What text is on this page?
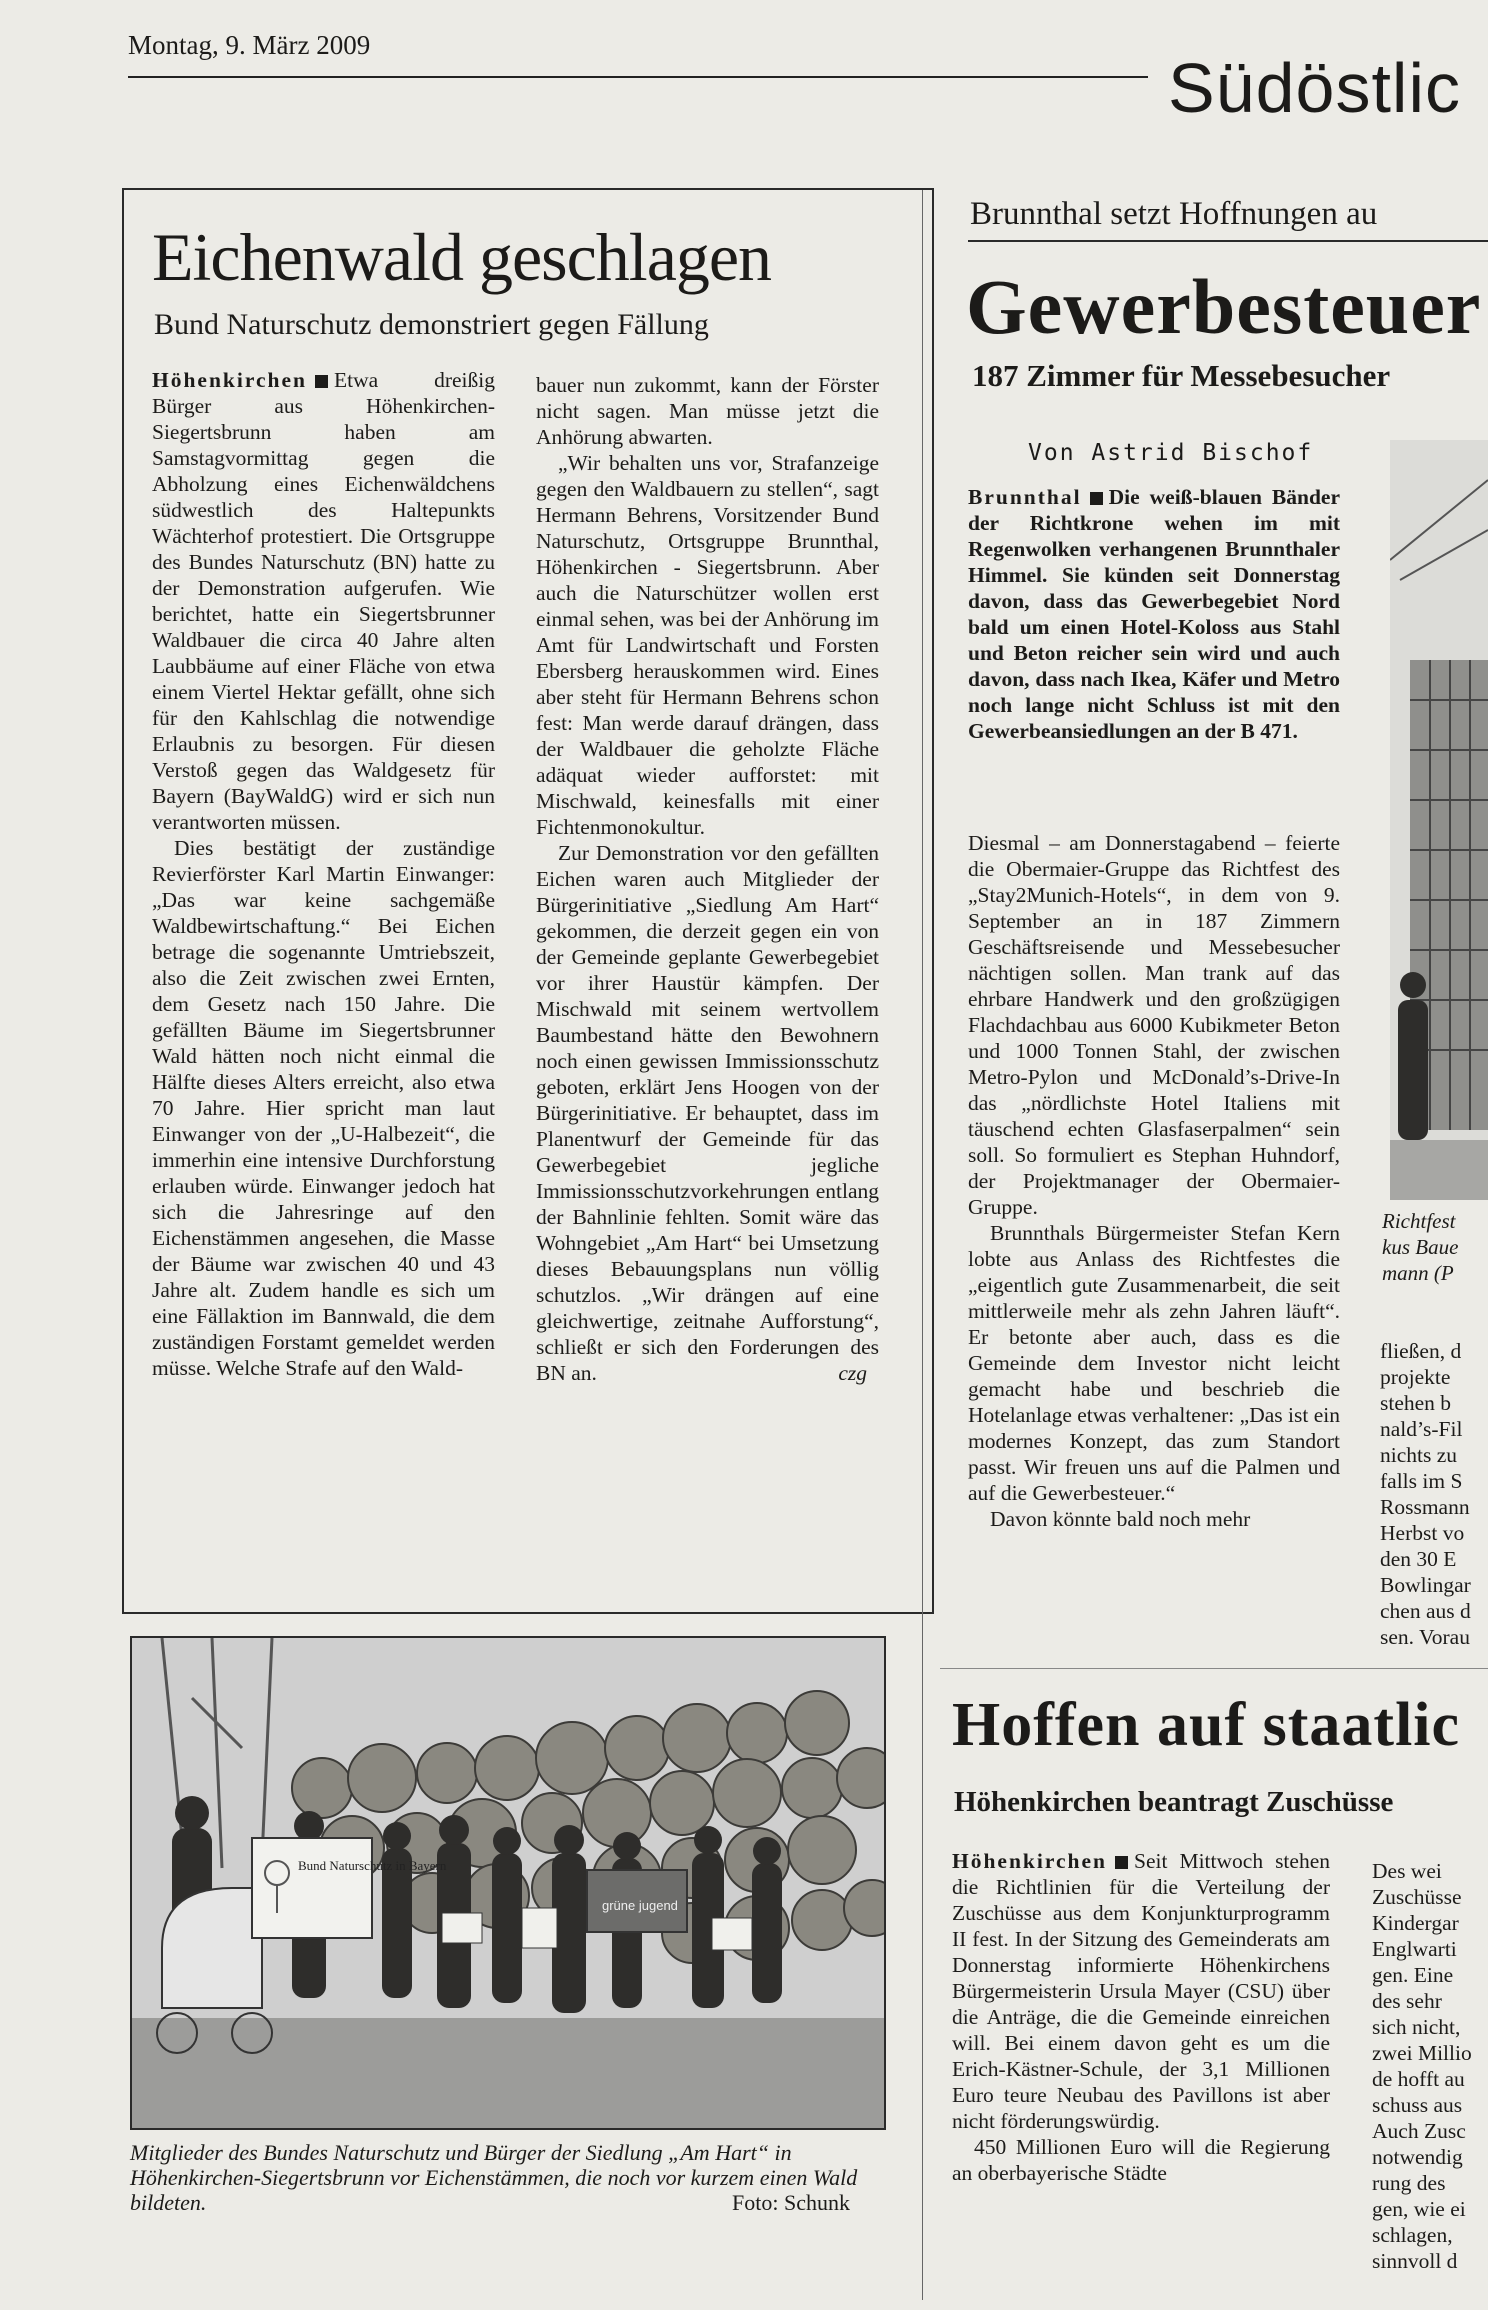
Montag, 9. März 2009
Südöstlic
Eichenwald geschlagen
Bund Naturschutz demonstriert gegen Fällung

Höhenkirchen Etwa dreißig Bürger aus Höhenkirchen-Siegertsbrunn haben am Samstagvormittag gegen die Abholzung eines Eichenwäldchens südwestlich des Haltepunkts Wächterhof protestiert. Die Ortsgruppe des Bundes Naturschutz (BN) hatte zu der Demonstration aufgerufen. Wie berichtet, hatte ein Siegertsbrunner Waldbauer die circa 40 Jahre alten Laubbäume auf einer Fläche von etwa einem Viertel Hektar gefällt, ohne sich für den Kahlschlag die notwendige Erlaubnis zu besorgen. Für diesen Verstoß gegen das Waldgesetz für Bayern (BayWaldG) wird er sich nun verantworten müssen.

Dies bestätigt der zuständige Revierförster Karl Martin Einwanger: „Das war keine sachgemäße Waldbewirtschaftung.“ Bei Eichen betrage die sogenannte Umtriebszeit, also die Zeit zwischen zwei Ernten, dem Gesetz nach 150 Jahre. Die gefällten Bäume im Siegertsbrunner Wald hätten noch nicht einmal die Hälfte dieses Alters erreicht, also etwa 70 Jahre. Hier spricht man laut Einwanger von der „U-Halbezeit“, die immerhin eine intensive Durchforstung erlauben würde. Einwanger jedoch hat sich die Jahresringe auf den Eichenstämmen angesehen, die Masse der Bäume war zwischen 40 und 43 Jahre alt. Zudem handle es sich um eine Fällaktion im Bannwald, die dem zuständigen Forstamt gemeldet werden müsse. Welche Strafe auf den Wald-

bauer nun zukommt, kann der Förster nicht sagen. Man müsse jetzt die Anhörung abwarten.

„Wir behalten uns vor, Strafanzeige gegen den Waldbauern zu stellen“, sagt Hermann Behrens, Vorsitzender Bund Naturschutz, Ortsgruppe Brunnthal, Höhenkirchen - Siegertsbrunn. Aber auch die Naturschützer wollen erst einmal sehen, was bei der Anhörung im Amt für Landwirtschaft und Forsten Ebersberg herauskommen wird. Eines aber steht für Hermann Behrens schon fest: Man werde darauf drängen, dass der Waldbauer die geholzte Fläche adäquat wieder aufforstet: mit Mischwald, keinesfalls mit einer Fichtenmonokultur.

Zur Demonstration vor den gefällten Eichen waren auch Mitglieder der Bürgerinitiative „Siedlung Am Hart“ gekommen, die derzeit gegen ein von der Gemeinde geplante Gewerbegebiet vor ihrer Haustür kämpfen. Der Mischwald mit seinem wertvollem Baumbestand hätte den Bewohnern noch einen gewissen Immissionsschutz geboten, erklärt Jens Hoogen von der Bürgerinitiative. Er behauptet, dass im Planentwurf der Gemeinde für das Gewerbegebiet jegliche Immissionsschutzvorkehrungen entlang der Bahnlinie fehlten. Somit wäre das Wohngebiet „Am Hart“ bei Umsetzung dieses Bebauungsplans nun völlig schutzlos. „Wir drängen auf eine gleichwertige, zeitnahe Aufforstung“, schließt er sich den Forderungen des BN an.	czg

Bund Naturschutz in Bayern
grüne jugend
Mitglieder des Bundes Naturschutz und Bürger der Siedlung „Am Hart“ in Höhenkirchen-Siegertsbrunn vor Eichenstämmen, die noch vor kurzem einen Wald bildeten.	Foto: Schunk
Brunnthal setzt Hoffnungen au
Gewerbesteuer
187 Zimmer für Messebesucher
Von Astrid Bischof

Brunnthal Die weiß-blauen Bänder der Richtkrone wehen im mit Regenwolken verhangenen Brunnthaler Himmel. Sie künden seit Donnerstag davon, dass das Gewerbegebiet Nord bald um einen Hotel-Koloss aus Stahl und Beton reicher sein wird und auch davon, dass nach Ikea, Käfer und Metro noch lange nicht Schluss ist mit den Gewerbeansiedlungen an der B 471.

Diesmal – am Donnerstagabend – feierte die Obermaier-Gruppe das Richtfest des „Stay2Munich-Hotels“, in dem von 9. September an in 187 Zimmern Geschäftsreisende und Messebesucher nächtigen sollen. Man trank auf das ehrbare Handwerk und den großzügigen Flachdachbau aus 6000 Kubikmeter Beton und 1000 Tonnen Stahl, der zwischen Metro-Pylon und McDonald’s-Drive-In das „nördlichste Hotel Italiens mit täuschend echten Glasfaserpalmen“ sein soll. So formuliert es Stephan Huhndorf, der Projektmanager der Obermaier-Gruppe.

Brunnthals Bürgermeister Stefan Kern lobte aus Anlass des Richtfestes die „eigentlich gute Zusammenarbeit, die seit mittlerweile mehr als zehn Jahren läuft“. Er betonte aber auch, dass es die Gemeinde dem Investor nicht leicht gemacht habe und beschrieb die Hotelanlage etwas verhaltener: „Das ist ein modernes Konzept, das zum Standort passt. Wir freuen uns auf die Palmen und auf die Gewerbesteuer.“

Davon könnte bald noch mehr

Richtfest
kus Baue
mann (P
fließen, d
projekte
stehen b
nald’s-Fil
nichts zu
falls im S
Rossmann
Herbst vo
den 30 E
Bowlingar
chen aus d
sen. Vorau
Hoffen auf staatlic
Höhenkirchen beantragt Zuschüsse

Höhenkirchen Seit Mittwoch stehen die Richtlinien für die Verteilung der Zuschüsse aus dem Konjunkturprogramm II fest. In der Sitzung des Gemeinderats am Donnerstag informierte Höhenkirchens Bürgermeisterin Ursula Mayer (CSU) über die Anträge, die die Gemeinde einreichen will. Bei einem davon geht es um die Erich-Kästner-Schule, der 3,1 Millionen Euro teure Neubau des Pavillons ist aber nicht förderungswürdig.

450 Millionen Euro will die Regierung an oberbayerische Städte

Des wei
Zuschüsse
Kindergar
Englwarti
gen. Eine
des sehr
sich nicht,
zwei Millio
de hofft au
schuss aus
Auch Zusc
notwendig
rung des
gen, wie ei
schlagen,
sinnvoll d
